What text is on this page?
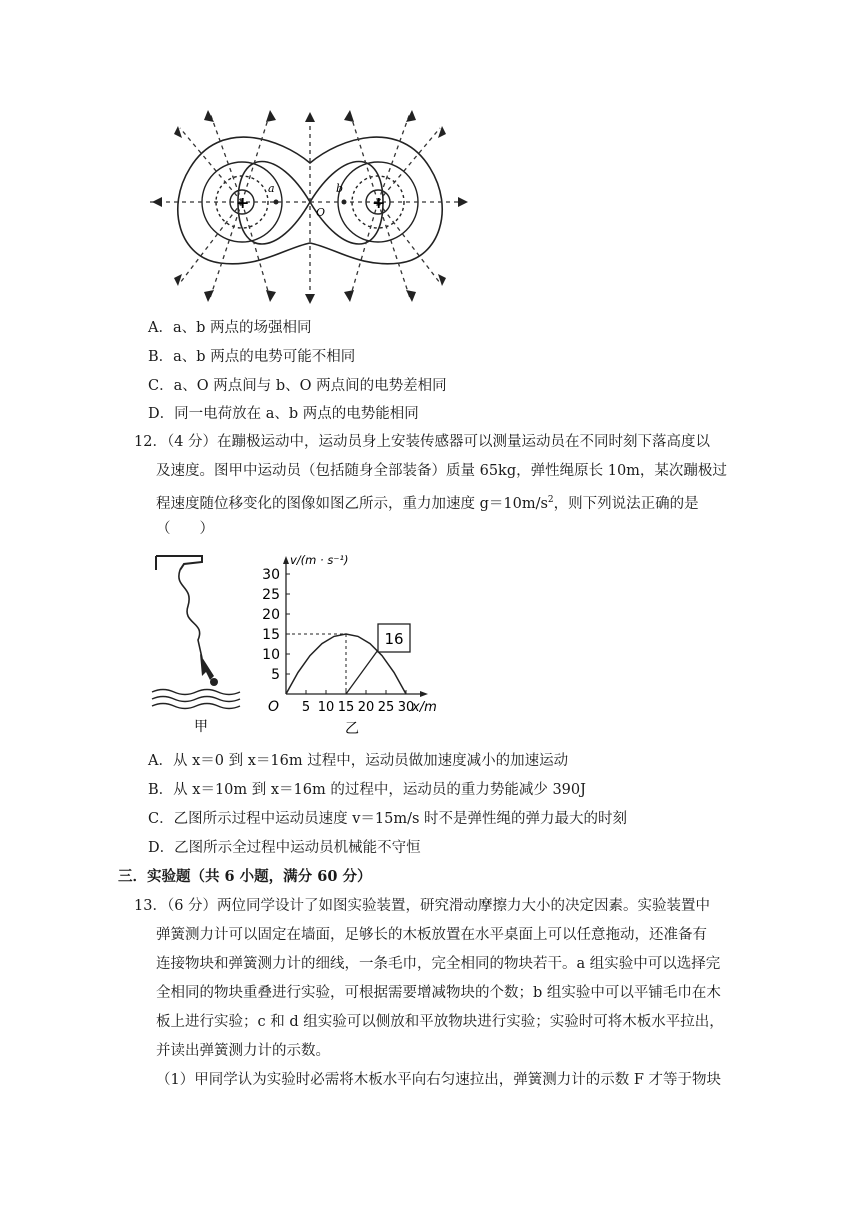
+	+
a	b
O
A．a、b 两点的场强相同
B．a、b 两点的电势可能不相同
C．a、O 两点间与 b、O 两点间的电势差相同
D．同一电荷放在 a、b 两点的电势能相同
12．（4 分）在蹦极运动中，运动员身上安装传感器可以测量运动员在不同时刻下落高度以
及速度。图甲中运动员（包括随身全部装备）质量 65kg，弹性绳原长 10m，某次蹦极过
程速度随位移变化的图像如图乙所示，重力加速度 $g=10m/s^2$，则下列说法正确的是
（　　）
甲	乙
5
10
15
20
25
30
5 10 15 20 25 30
O
v/(m · s⁻¹)
x/m
16
A．从 x＝0 到 x＝16m 过程中，运动员做加速度减小的加速运动
B．从 x＝10m 到 x＝16m 的过程中，运动员的重力势能减少 390J
C．乙图所示过程中运动员速度 v＝15m/s 时不是弹性绳的弹力最大的时刻
D．乙图所示全过程中运动员机械能不守恒
三．实验题（共 6 小题，满分 60 分）
13．（6 分）两位同学设计了如图实验装置，研究滑动摩擦力大小的决定因素。实验装置中
弹簧测力计可以固定在墙面，足够长的木板放置在水平桌面上可以任意拖动，还准备有
连接物块和弹簧测力计的细线，一条毛巾，完全相同的物块若干。a 组实验中可以选择完
全相同的物块重叠进行实验，可根据需要增减物块的个数；b 组实验中可以平铺毛巾在木
板上进行实验；c 和 d 组实验可以侧放和平放物块进行实验；实验时可将木板水平拉出，
并读出弹簧测力计的示数。
（1）甲同学认为实验时必需将木板水平向右匀速拉出，弹簧测力计的示数 F 才等于物块
